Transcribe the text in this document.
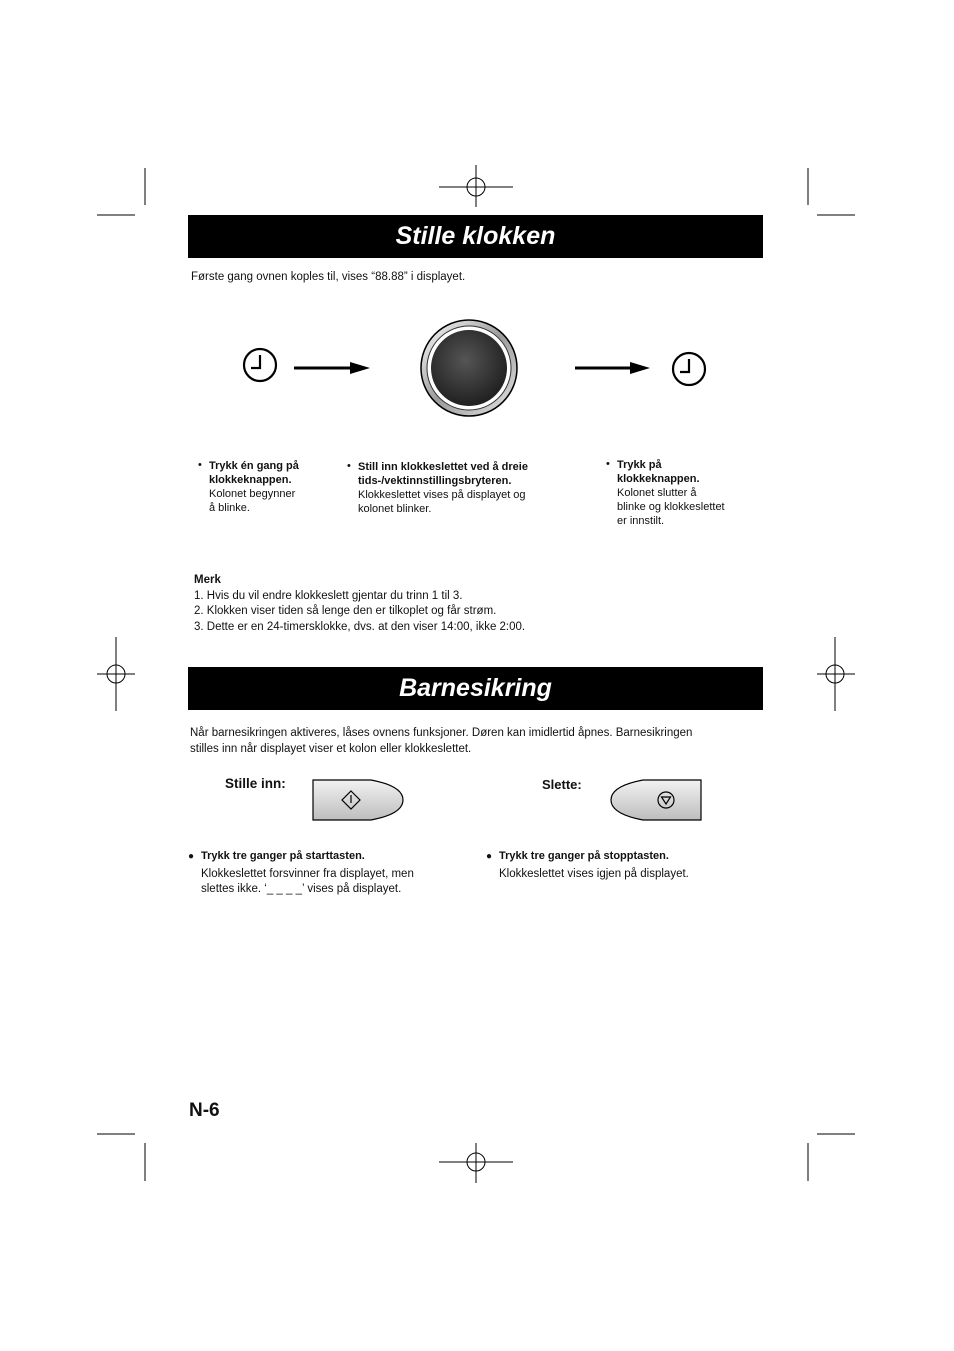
Stille klokken
Første gang ovnen koples til, vises “88.88” i displayet.
• Trykk én gang på
klokkeknappen.
Kolonet begynner
å blinke.
• Still inn klokkeslettet ved å dreie
tids-/vektinnstillingsbryteren.
Klokkeslettet vises på displayet og
kolonet blinker.
• Trykk på
klokkeknappen.
Kolonet slutter å
blinke og klokkeslettet
er innstilt.
Merk
1. Hvis du vil endre klokkeslett gjentar du trinn 1 til 3.
2. Klokken viser tiden så lenge den er tilkoplet og får strøm.
3. Dette er en 24-timersklokke, dvs. at den viser 14:00, ikke 2:00.
Barnesikring
Når barnesikringen aktiveres, låses ovnens funksjoner. Døren kan imidlertid åpnes. Barnesikringen
stilles inn når displayet viser et kolon eller klokkeslettet.
Stille inn:	Slette:
● Trykk tre ganger på starttasten.
Klokkeslettet forsvinner fra displayet, men
slettes ikke. ‘_ _ _ _’ vises på displayet.
● Trykk tre ganger på stopptasten.
Klokkeslettet vises igjen på displayet.
N-6
